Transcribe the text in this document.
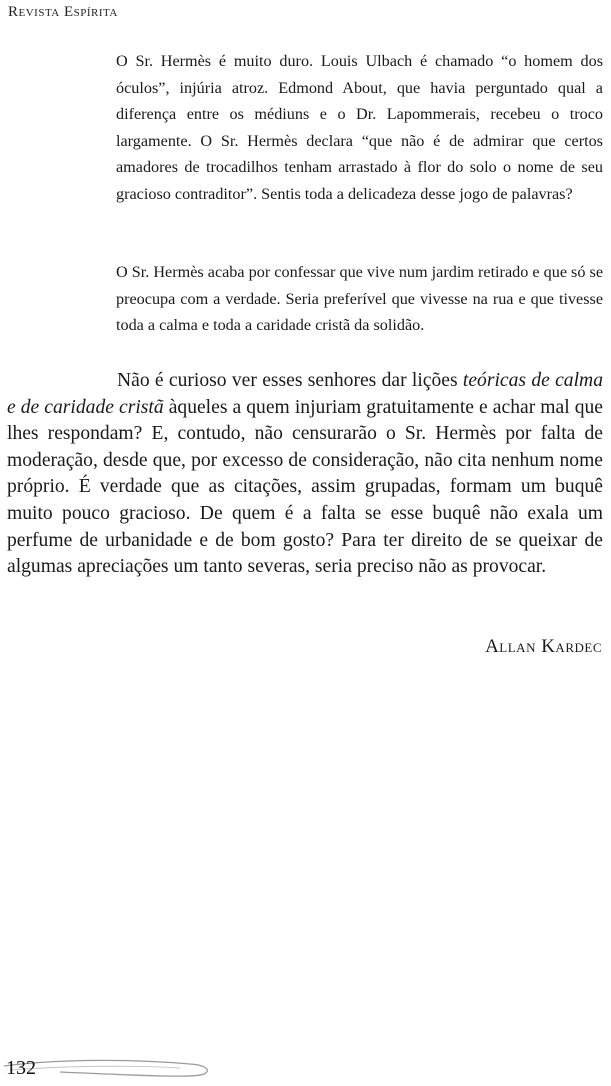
Revista Espírita

O Sr. Hermès é muito duro. Louis Ulbach é chamado “o homem dos óculos”, injúria atroz. Edmond About, que havia perguntado qual a diferença entre os médiuns e o Dr. Lapommerais, recebeu o troco largamente. O Sr. Hermès declara “que não é de admirar que certos amadores de trocadilhos tenham arrastado à flor do solo o nome de seu gracioso contraditor”. Sentis toda a delicadeza desse jogo de palavras?

O Sr. Hermès acaba por confessar que vive num jardim retirado e que só se preocupa com a verdade. Seria preferível que vivesse na rua e que tivesse toda a calma e toda a caridade cristã da solidão.

Não é curioso ver esses senhores dar lições teóricas de calma e de caridade cristã àqueles a quem injuriam gratuitamente e achar mal que lhes respondam? E, contudo, não censurarão o Sr. Hermès por falta de moderação, desde que, por excesso de consideração, não cita nenhum nome próprio. É verdade que as citações, assim grupadas, formam um buquê muito pouco gracioso. De quem é a falta se esse buquê não exala um perfume de urbanidade e de bom gosto? Para ter direito de se queixar de algumas apreciações um tanto severas, seria preciso não as provocar.

Allan Kardec
132
